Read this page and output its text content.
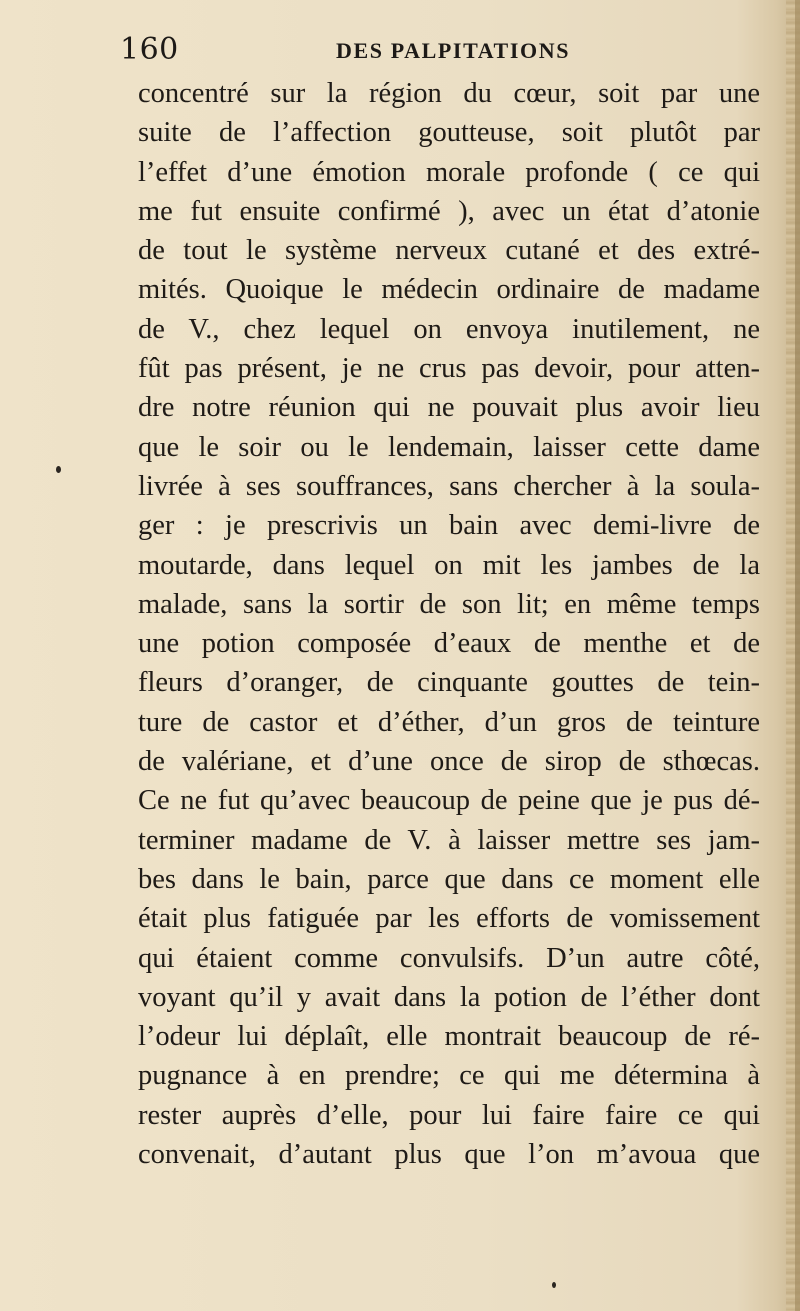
160	DES PALPITATIONS
concentré sur la région du cœur, soit par une
suite de l’affection goutteuse, soit plutôt par
l’effet d’une émotion morale profonde ( ce qui
me fut ensuite confirmé ), avec un état d’atonie
de tout le système nerveux cutané et des extré-
mités. Quoique le médecin ordinaire de madame
de V., chez lequel on envoya inutilement, ne
fût pas présent, je ne crus pas devoir, pour atten-
dre notre réunion qui ne pouvait plus avoir lieu
que le soir ou le lendemain, laisser cette dame
livrée à ses souffrances, sans chercher à la soula-
ger : je prescrivis un bain avec demi-livre de
moutarde, dans lequel on mit les jambes de la
malade, sans la sortir de son lit; en même temps
une potion composée d’eaux de menthe et de
fleurs d’oranger, de cinquante gouttes de tein-
ture de castor et d’éther, d’un gros de teinture
de valériane, et d’une once de sirop de sthœcas.
Ce ne fut qu’avec beaucoup de peine que je pus dé-
terminer madame de V. à laisser mettre ses jam-
bes dans le bain, parce que dans ce moment elle
était plus fatiguée par les efforts de vomissement
qui étaient comme convulsifs. D’un autre côté,
voyant qu’il y avait dans la potion de l’éther dont
l’odeur lui déplaît, elle montrait beaucoup de ré-
pugnance à en prendre; ce qui me détermina à
rester auprès d’elle, pour lui faire faire ce qui
convenait, d’autant plus que l’on m’avoua que
